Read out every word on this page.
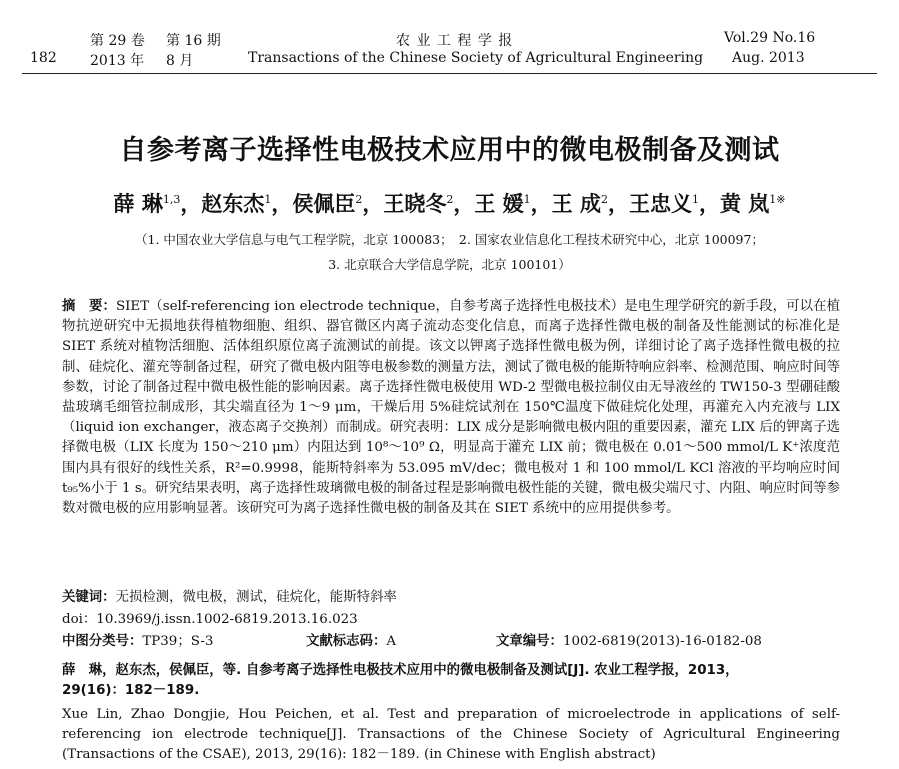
182
第 29 卷 第 16 期
2013 年 8 月
农 业 工 程 学 报
Transactions of the Chinese Society of Agricultural Engineering
Vol.29 No.16
Aug. 2013
自参考离子选择性电极技术应用中的微电极制备及测试
薛 琳$^{1,3}$，赵东杰$^1$，侯佩臣$^2$，王晓冬$^2$，王 媛$^1$，王 成$^2$，王忠义$^1$，黄 岚$^{1※}$
（1. 中国农业大学信息与电气工程学院，北京 100083；　2. 国家农业信息化工程技术研究中心，北京 100097；
3. 北京联合大学信息学院，北京 100101）
摘　要：SIET（self-referencing ion electrode technique，自参考离子选择性电极技术）是电生理学研究的新手段，可以在植物抗逆研究中无损地获得植物细胞、组织、器官微区内离子流动态变化信息，而离子选择性微电极的制备及性能测试的标准化是 SIET 系统对植物活细胞、活体组织原位离子流测试的前提。该文以钾离子选择性微电极为例，详细讨论了离子选择性微电极的拉制、硅烷化、灌充等制备过程，研究了微电极内阻等电极参数的测量方法，测试了微电极的能斯特响应斜率、检测范围、响应时间等参数，讨论了制备过程中微电极性能的影响因素。离子选择性微电极使用 WD-2 型微电极拉制仪由无导液丝的 TW150-3 型硼硅酸盐玻璃毛细管拉制成形，其尖端直径为 1～9 μm，干燥后用 5%硅烷试剂在 150℃温度下做硅烷化处理，再灌充入内充液与 LIX（liquid ion exchanger，液态离子交换剂）而制成。研究表明：LIX 成分是影响微电极内阻的重要因素，灌充 LIX 后的钾离子选择微电极（LIX 长度为 150～210 μm）内阻达到 10⁸～10⁹ Ω，明显高于灌充 LIX 前；微电极在 0.01～500 mmol/L K⁺浓度范围内具有很好的线性关系，R²=0.9998，能斯特斜率为 53.095 mV/dec；微电极对 1 和 100 mmol/L KCl 溶液的平均响应时间 t₉₅%小于 1 s。研究结果表明，离子选择性玻璃微电极的制备过程是影响微电极性能的关键，微电极尖端尺寸、内阻、响应时间等参数对微电极的应用影响显著。该研究可为离子选择性微电极的制备及其在 SIET 系统中的应用提供参考。
关键词：无损检测，微电极，测试，硅烷化，能斯特斜率
doi：10.3969/j.issn.1002-6819.2013.16.023
中图分类号：TP39；S-3	文献标志码：A	文章编号：1002-6819(2013)-16-0182-08
薛　琳，赵东杰，侯佩臣，等. 自参考离子选择性电极技术应用中的微电极制备及测试[J]. 农业工程学报，2013，
29(16)：182－189.
Xue Lin, Zhao Dongjie, Hou Peichen, et al. Test and preparation of microelectrode in applications of self-referencing ion electrode technique[J]. Transactions of the Chinese Society of Agricultural Engineering (Transactions of the CSAE), 2013, 29(16): 182－189. (in Chinese with English abstract)
